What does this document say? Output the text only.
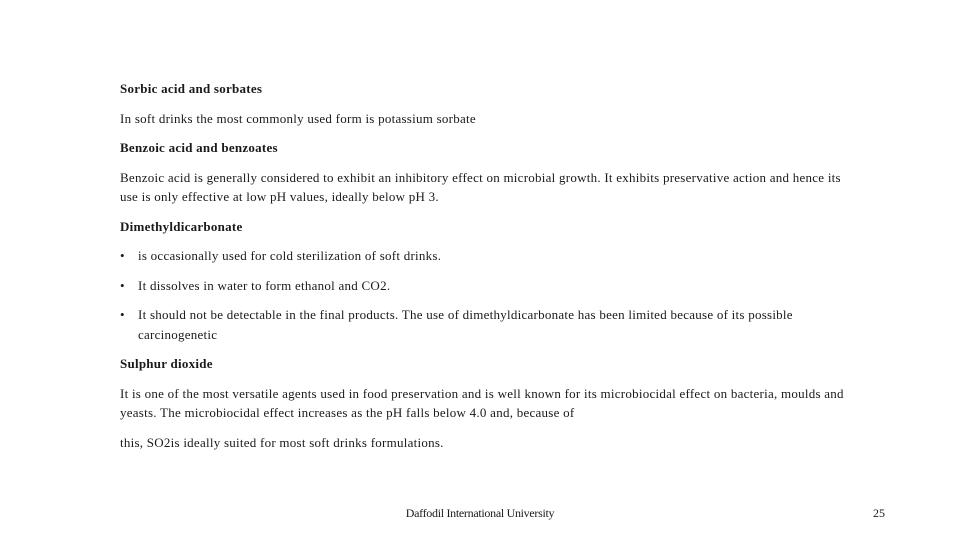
Sorbic acid and sorbates
In soft drinks the most commonly used form is potassium sorbate
Benzoic acid and benzoates
Benzoic acid is generally considered to exhibit an inhibitory effect on microbial growth. It exhibits preservative action and hence its use is only effective at low pH values, ideally below pH 3.
Dimethyldicarbonate
• is occasionally used for cold sterilization of soft drinks.
• It dissolves in water to form ethanol and CO2.
• It should not be detectable in the final products. The use of dimethyldicarbonate has been limited because of its possible carcinogenetic
Sulphur dioxide
It is one of the most versatile agents used in food preservation and is well known for its microbiocidal effect on bacteria, moulds and yeasts. The microbiocidal effect increases as the pH falls below 4.0 and, because of
this, SO2is ideally suited for most soft drinks formulations.
Daffodil International University	25
